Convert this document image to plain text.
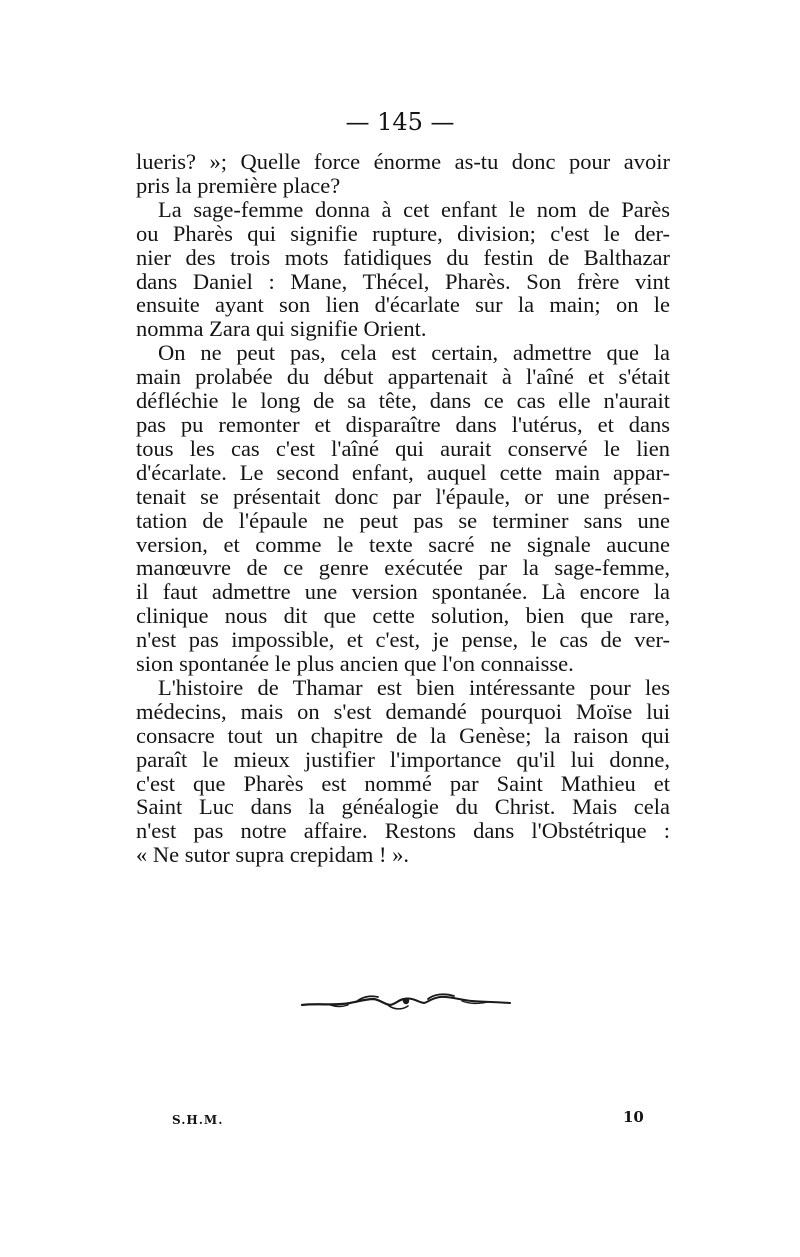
— 145 —
lueris? »; Quelle force énorme as-tu donc pour avoir
pris la première place?
La sage-femme donna à cet enfant le nom de Parès
ou Pharès qui signifie rupture, division; c'est le der-
nier des trois mots fatidiques du festin de Balthazar
dans Daniel : Mane, Thécel, Pharès. Son frère vint
ensuite ayant son lien d'écarlate sur la main; on le
nomma Zara qui signifie Orient.
On ne peut pas, cela est certain, admettre que la
main prolabée du début appartenait à l'aîné et s'était
défléchie le long de sa tête, dans ce cas elle n'aurait
pas pu remonter et disparaître dans l'utérus, et dans
tous les cas c'est l'aîné qui aurait conservé le lien
d'écarlate. Le second enfant, auquel cette main appar-
tenait se présentait donc par l'épaule, or une présen-
tation de l'épaule ne peut pas se terminer sans une
version, et comme le texte sacré ne signale aucune
manœuvre de ce genre exécutée par la sage-femme,
il faut admettre une version spontanée. Là encore la
clinique nous dit que cette solution, bien que rare,
n'est pas impossible, et c'est, je pense, le cas de ver-
sion spontanée le plus ancien que l'on connaisse.
L'histoire de Thamar est bien intéressante pour les
médecins, mais on s'est demandé pourquoi Moïse lui
consacre tout un chapitre de la Genèse; la raison qui
paraît le mieux justifier l'importance qu'il lui donne,
c'est que Pharès est nommé par Saint Mathieu et
Saint Luc dans la généalogie du Christ. Mais cela
n'est pas notre affaire. Restons dans l'Obstétrique :
« Ne sutor supra crepidam ! ».
S.H.M.	10
